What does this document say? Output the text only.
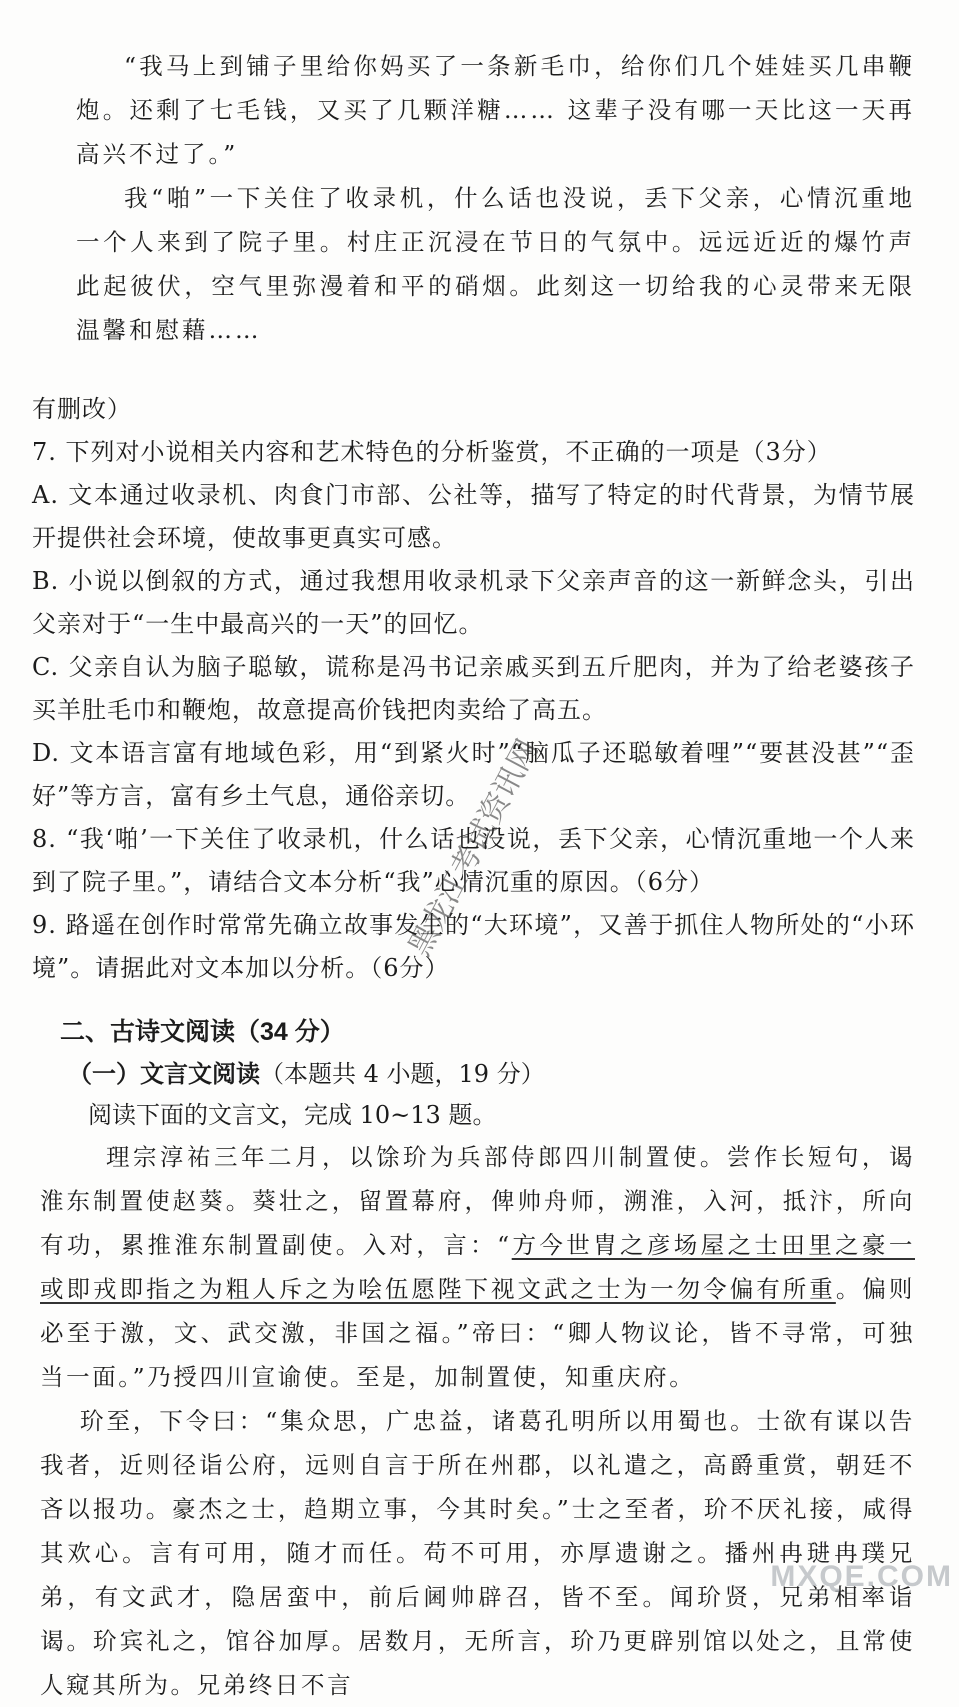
“我马上到铺子里给你妈买了一条新毛巾，给你们几个娃娃买几串鞭炮。还剩了七毛钱，又买了几颗洋糖…… 这辈子没有哪一天比这一天再高兴不过了。”

我“啪”一下关住了收录机，什么话也没说，丢下父亲，心情沉重地一个人来到了院子里。村庄正沉浸在节日的气氛中。远远近近的爆竹声此起彼伏，空气里弥漫着和平的硝烟。此刻这一切给我的心灵带来无限温馨和慰藉……

有删改）

7. 下列对小说相关内容和艺术特色的分析鉴赏，不正确的一项是（3分）

A. 文本通过收录机、肉食门市部、公社等，描写了特定的时代背景，为情节展开提供社会环境，使故事更真实可感。

B. 小说以倒叙的方式，通过我想用收录机录下父亲声音的这一新鲜念头，引出父亲对于“一生中最高兴的一天”的回忆。

C. 父亲自认为脑子聪敏，谎称是冯书记亲戚买到五斤肥肉，并为了给老婆孩子买羊肚毛巾和鞭炮，故意提高价钱把肉卖给了高五。

D. 文本语言富有地域色彩，用“到紧火时”“脑瓜子还聪敏着哩”“要甚没甚”“歪好”等方言，富有乡土气息，通俗亲切。

8. “我‘啪’一下关住了收录机，什么话也没说，丢下父亲，心情沉重地一个人来到了院子里。”，请结合文本分析“我”心情沉重的原因。（6分）

9. 路遥在创作时常常先确立故事发生的“大环境”，又善于抓住人物所处的“小环境”。请据此对文本加以分析。（6分）

二、古诗文阅读（34 分）

（一）文言文阅读（本题共 4 小题，19 分）

阅读下面的文言文，完成 10~13 题。

理宗淳祐三年二月，以馀玠为兵部侍郎四川制置使。尝作长短句，谒淮东制置使赵葵。葵壮之，留置幕府，俾帅舟师，溯淮，入河，抵汴，所向有功，累推淮东制置副使。入对，言：“方今世胄之彦场屋之士田里之豪一或即戎即指之为粗人斥之为哙伍愿陛下视文武之士为一勿令偏有所重。偏则必至于激，文、武交激，非国之福。”帝曰：“卿人物议论，皆不寻常，可独当一面。”乃授四川宣谕使。至是，加制置使，知重庆府。

玠至，下令曰：“集众思，广忠益，诸葛孔明所以用蜀也。士欲有谋以告我者，近则径诣公府，远则自言于所在州郡，以礼遣之，高爵重赏，朝廷不吝以报功。豪杰之士，趋期立事，今其时矣。”士之至者，玠不厌礼接，咸得其欢心。言有可用，随才而任。苟不可用，亦厚遗谢之。播州冉琎冉璞兄弟，有文武才，隐居蛮中，前后阃帅辟召，皆不至。闻玠贤，兄弟相率诣谒。玠宾礼之，馆谷加厚。居数月，无所言，玠乃更辟别馆以处之，且常使人窥其所为。兄弟终日不言

黑龙江考试资讯网
MXQE.COM
